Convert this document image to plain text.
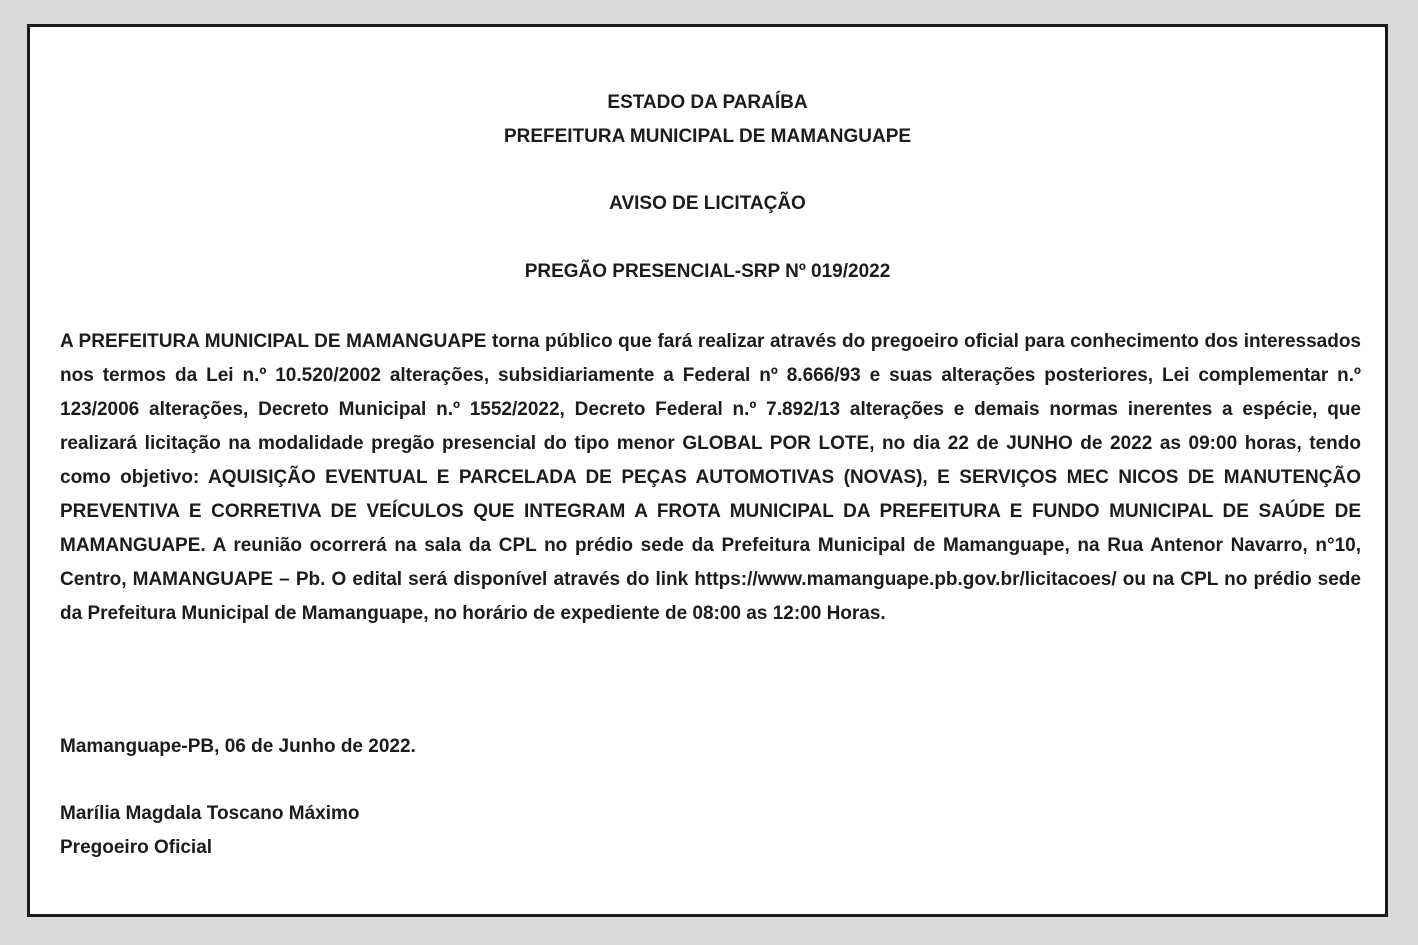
ESTADO DA PARAÍBA
PREFEITURA MUNICIPAL DE MAMANGUAPE

AVISO DE LICITAÇÃO

PREGÃO PRESENCIAL-SRP Nº 019/2022

A PREFEITURA MUNICIPAL DE MAMANGUAPE torna público que fará realizar através do pregoeiro oficial para conhecimento dos interessados nos termos da Lei n.º 10.520/2002 alterações, subsidiariamente a Federal nº 8.666/93 e suas alterações posteriores, Lei complementar n.º 123/2006 alterações, Decreto Municipal n.º 1552/2022, Decreto Federal n.º 7.892/13 alterações e demais normas inerentes a espécie, que realizará licitação na modalidade pregão presencial do tipo menor GLOBAL POR LOTE, no dia 22 de JUNHO de 2022 as 09:00 horas, tendo como objetivo: AQUISIÇÃO EVENTUAL E PARCELADA DE PEÇAS AUTOMOTIVAS (NOVAS), E SERVIÇOS MEC NICOS DE MANUTENÇÃO PREVENTIVA E CORRETIVA DE VEÍCULOS QUE INTEGRAM A FROTA MUNICIPAL DA PREFEITURA E FUNDO MUNICIPAL DE SAÚDE DE MAMANGUAPE. A reunião ocorrerá na sala da CPL no prédio sede da Prefeitura Municipal de Mamanguape, na Rua Antenor Navarro, n°10, Centro, MAMANGUAPE – Pb. O edital será disponível através do link https://www.mamanguape.pb.gov.br/licitacoes/ ou na CPL no prédio sede da Prefeitura Municipal de Mamanguape, no horário de expediente de 08:00 as 12:00 Horas.

Mamanguape-PB, 06 de Junho de 2022.

Marília Magdala Toscano Máximo
Pregoeiro Oficial
